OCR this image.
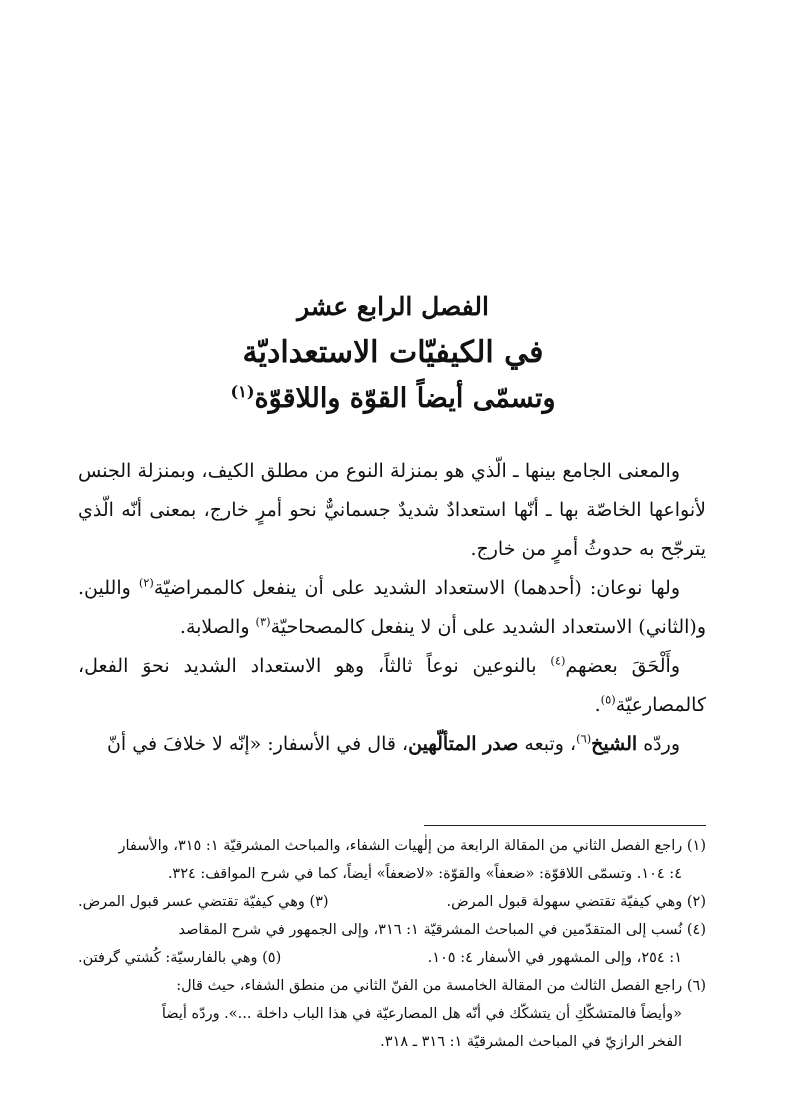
الفصل الرابع عشر
في الكيفيّات الاستعداديّة
وتسمّى أيضاً القوّة واللاقوّة$^{(١)}$

والمعنى الجامع بينها ـ الّذي هو بمنزلة النوع من مطلق الكيف، وبمنزلة الجنس لأنواعها الخاصّة بها ـ أنّها استعدادٌ شديدٌ جسمانيٌّ نحو أمرٍ خارج، بمعنى أنّه الّذي يترجّح به حدوثُ أمرٍ من خارج.

ولها نوعان: (أحدهما) الاستعداد الشديد على أن ينفعل كالممراضيّة$^{(٢)}$ واللين. و(الثاني) الاستعداد الشديد على أن لا ينفعل كالمصحاحيّة$^{(٣)}$ والصلابة.

وأَلْحَقَ بعضهم$^{(٤)}$ بالنوعين نوعاً ثالثاً، وهو الاستعداد الشديد نحوَ الفعل، كالمصارعيّة$^{(٥)}$.

وردّه الشيخ$^{(٦)}$، وتبعه صدر المتألّهين، قال في الأسفار: «إنّه لا خلافَ في أنّ

(١) راجع الفصل الثاني من المقالة الرابعة من إلٰهيات الشفاء، والمباحث المشرقيّة ١: ٣١٥، والأسفار

٤: ١٠٤. وتسمّى اللاقوّة: «ضعفاً» والقوّة: «لاضعفاً» أيضاً، كما في شرح المواقف: ٣٢٤.

(٢) وهي كيفيّة تقتضي سهولة قبول المرض.
(٣) وهي كيفيّة تقتضي عسر قبول المرض.

(٤) نُسب إلى المتقدّمين في المباحث المشرقيّة ١: ٣١٦، وإلى الجمهور في شرح المقاصد

١: ٢٥٤، وإلى المشهور في الأسفار ٤: ١٠٥.
(٥) وهي بالفارسيّة: كُشتي گرفتن.

(٦) راجع الفصل الثالث من المقالة الخامسة من الفنّ الثاني من منطق الشفاء، حيث قال:

«وأيضاً فالمتشكّكِ أن يتشكّك في أنّه هل المصارعيّة في هذا الباب داخلة ...». وردّه أيضاً

الفخر الرازيّ في المباحث المشرقيّة ١: ٣١٦ ـ ٣١٨.
